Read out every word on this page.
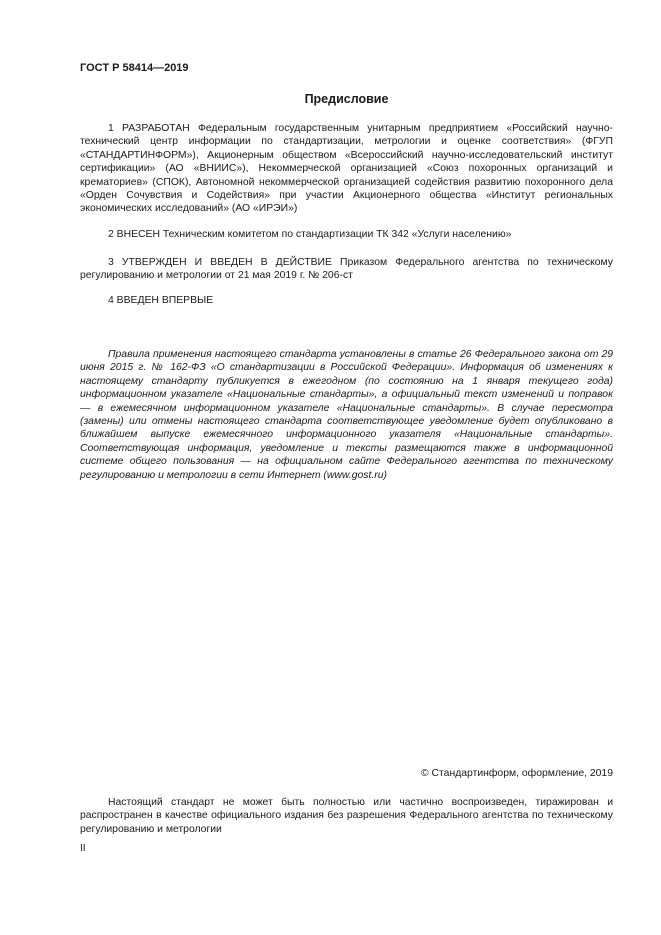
ГОСТ Р 58414—2019
Предисловие

1 РАЗРАБОТАН Федеральным государственным унитарным предприятием «Российский научно-технический центр информации по стандартизации, метрологии и оценке соответствия» (ФГУП «СТАНДАРТИНФОРМ»), Акционерным обществом «Всероссийский научно-исследовательский институт сертификации» (АО «ВНИИС»), Некоммерческой организацией «Союз похоронных организаций и крематориев» (СПОК), Автономной некоммерческой организацией содействия развитию похоронного дела «Орден Сочувствия и Содействия» при участии Акционерного общества «Институт региональных экономических исследований» (АО «ИРЭИ»)

2 ВНЕСЕН Техническим комитетом по стандартизации ТК 342 «Услуги населению»

3 УТВЕРЖДЕН И ВВЕДЕН В ДЕЙСТВИЕ Приказом Федерального агентства по техническому регулированию и метрологии от 21 мая 2019 г. № 206-ст

4 ВВЕДЕН ВПЕРВЫЕ

Правила применения настоящего стандарта установлены в статье 26 Федерального закона от 29 июня 2015 г. № 162-ФЗ «О стандартизации в Российской Федерации». Информация об изменениях к настоящему стандарту публикуется в ежегодном (по состоянию на 1 января текущего года) информационном указателе «Национальные стандарты», а официальный текст изменений и поправок — в ежемесячном информационном указателе «Национальные стандарты». В случае пересмотра (замены) или отмены настоящего стандарта соответствующее уведомление будет опубликовано в ближайшем выпуске ежемесячного информационного указателя «Национальные стандарты». Соответствующая информация, уведомление и тексты размещаются также в информационной системе общего пользования — на официальном сайте Федерального агентства по техническому регулированию и метрологии в сети Интернет (www.gost.ru)

© Стандартинформ, оформление, 2019

Настоящий стандарт не может быть полностью или частично воспроизведен, тиражирован и распространен в качестве официального издания без разрешения Федерального агентства по техническому регулированию и метрологии

II
